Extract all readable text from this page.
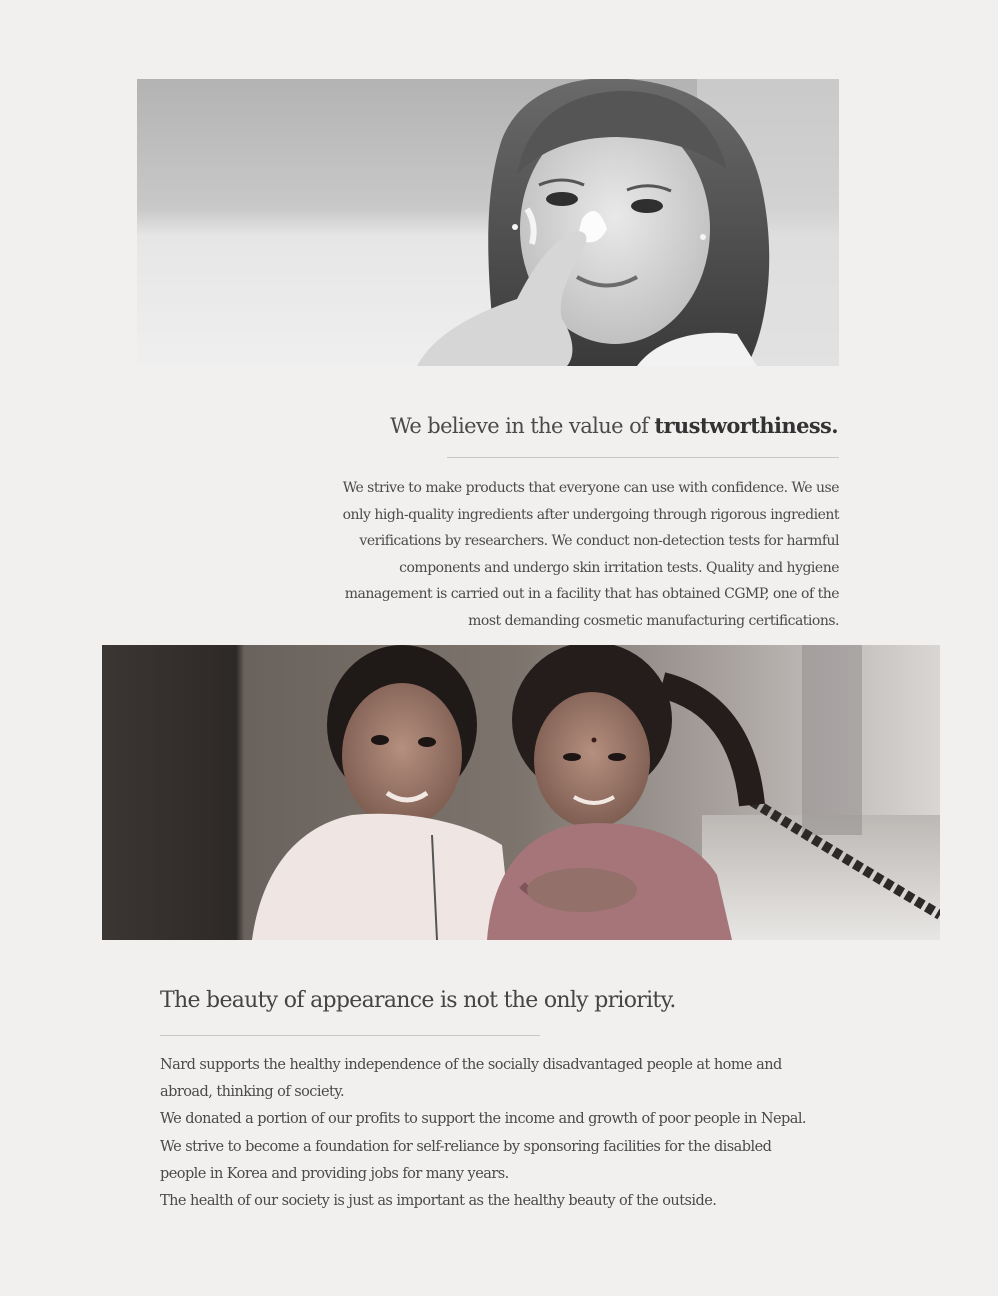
We believe in the value of trustworthiness.
We strive to make products that everyone can use with confidence. We use
only high-quality ingredients after undergoing through rigorous ingredient
verifications by researchers. We conduct non-detection tests for harmful
components and undergo skin irritation tests. Quality and hygiene
management is carried out in a facility that has obtained CGMP, one of the
most demanding cosmetic manufacturing certifications.
The beauty of appearance is not the only priority.
Nard supports the healthy independence of the socially disadvantaged people at home and
abroad, thinking of society.
We donated a portion of our profits to support the income and growth of poor people in Nepal.
We strive to become a foundation for self-reliance by sponsoring facilities for the disabled
people in Korea and providing jobs for many years.
The health of our society is just as important as the healthy beauty of the outside.
